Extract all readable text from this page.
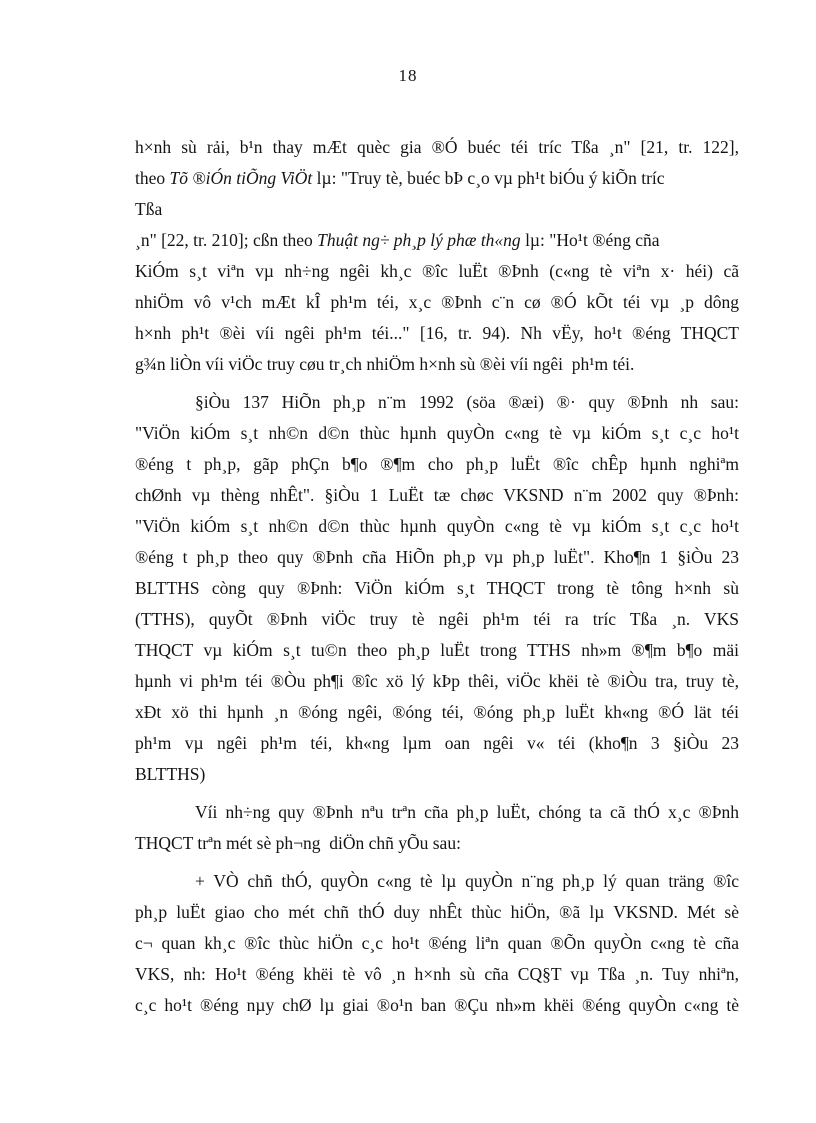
18
h×nh sù rải, b¹n thay mÆt quèc gia ®Ó buéc téi tríc Tßa ¸n" [21, tr. 122],
theo Tõ ®iÓn tiÕng ViÖt lµ: "Truy tè, buéc bÞ c¸o vµ ph¹t biÓu ý kiÕn tríc
Tßa
¸n" [22, tr. 210]; cßn theo Thuật ng÷ ph¸p lý phæ th«ng lµ: "Ho¹t ®éng cña
KiÓm s¸t viªn vµ nh÷ng ngêi kh¸c ®îc luËt ®Þnh (c«ng tè viªn x· héi) cã
nhiÖm vô v¹ch mÆt kÎ ph¹m téi, x¸c ®Þnh c¨n cø ®Ó kÕt téi vµ ¸p dông
h×nh ph¹t ®èi víi ngêi ph¹m téi..." [16, tr. 94). Nh vËy, ho¹t ®éng THQCT
g¾n liÒn víi viÖc truy cøu tr¸ch nhiÖm h×nh sù ®èi víi ngêi  ph¹m téi.
§iÒu 137 HiÕn ph¸p n¨m 1992 (söa ®æi) ®· quy ®Þnh nh sau:
"ViÖn kiÓm s¸t nh©n d©n thùc hµnh quyÒn c«ng tè vµ kiÓm s¸t c¸c ho¹t
®éng t ph¸p, gãp phÇn b¶o ®¶m cho ph¸p luËt ®îc chÊp hµnh nghiªm
chØnh vµ thèng nhÊt". §iÒu 1 LuËt tæ chøc VKSND n¨m 2002 quy ®Þnh:
"ViÖn kiÓm s¸t nh©n d©n thùc hµnh quyÒn c«ng tè vµ kiÓm s¸t c¸c ho¹t
®éng t ph¸p theo quy ®Þnh cña HiÕn ph¸p vµ ph¸p luËt". Kho¶n 1 §iÒu 23
BLTTHS còng quy ®Þnh: ViÖn kiÓm s¸t THQCT trong tè tông h×nh sù
(TTHS), quyÕt ®Þnh viÖc truy tè ngêi ph¹m téi ra tríc Tßa ¸n. VKS
THQCT vµ kiÓm s¸t tu©n theo ph¸p luËt trong TTHS nh»m ®¶m b¶o mäi
hµnh vi ph¹m téi ®Òu ph¶i ®îc xö lý kÞp thêi, viÖc khëi tè ®iÒu tra, truy tè,
xÐt xö thi hµnh ¸n ®óng ngêi, ®óng téi, ®óng ph¸p luËt kh«ng ®Ó lät téi
ph¹m vµ ngêi ph¹m téi, kh«ng lµm oan ngêi v« téi (kho¶n 3 §iÒu 23
BLTTHS)
Víi nh÷ng quy ®Þnh nªu trªn cña ph¸p luËt, chóng ta cã thÓ x¸c ®Þnh
THQCT trªn mét sè ph¬ng  diÖn chñ yÕu sau:
+ VÒ chñ thÓ, quyÒn c«ng tè lµ quyÒn n¨ng ph¸p lý quan träng ®îc
ph¸p luËt giao cho mét chñ thÓ duy nhÊt thùc hiÖn, ®ã lµ VKSND. Mét sè
c¬ quan kh¸c ®îc thùc hiÖn c¸c ho¹t ®éng liªn quan ®Õn quyÒn c«ng tè cña
VKS, nh: Ho¹t ®éng khëi tè vô ¸n h×nh sù cña CQ§T vµ Tßa ¸n. Tuy nhiªn,
c¸c ho¹t ®éng nµy chØ lµ giai ®o¹n ban ®Çu nh»m khëi ®éng quyÒn c«ng tè
